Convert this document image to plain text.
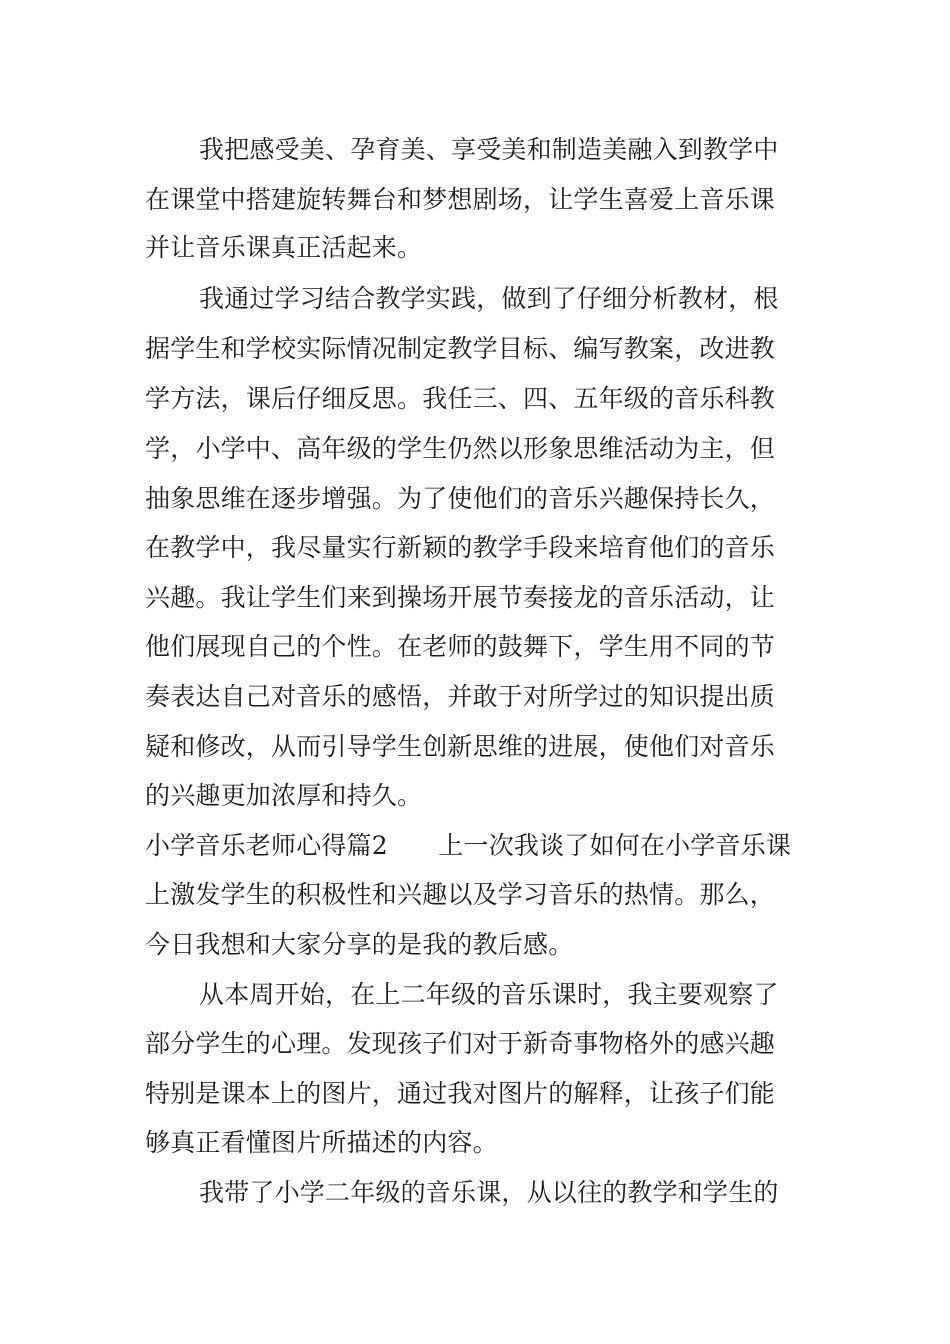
我把感受美、孕育美、享受美和制造美融入到教学中
在课堂中搭建旋转舞台和梦想剧场，让学生喜爱上音乐课
并让音乐课真正活起来。
我通过学习结合教学实践，做到了仔细分析教材，根
据学生和学校实际情况制定教学目标、编写教案，改进教
学方法，课后仔细反思。我任三、四、五年级的音乐科教
学，小学中、高年级的学生仍然以形象思维活动为主，但
抽象思维在逐步增强。为了使他们的音乐兴趣保持长久，
在教学中，我尽量实行新颖的教学手段来培育他们的音乐
兴趣。我让学生们来到操场开展节奏接龙的音乐活动，让
他们展现自己的个性。在老师的鼓舞下，学生用不同的节
奏表达自己对音乐的感悟，并敢于对所学过的知识提出质
疑和修改，从而引导学生创新思维的进展，使他们对音乐
的兴趣更加浓厚和持久。
小学音乐老师心得篇2　　上一次我谈了如何在小学音乐课
上激发学生的积极性和兴趣以及学习音乐的热情。那么，
今日我想和大家分享的是我的教后感。
从本周开始，在上二年级的音乐课时，我主要观察了
部分学生的心理。发现孩子们对于新奇事物格外的感兴趣
特别是课本上的图片，通过我对图片的解释，让孩子们能
够真正看懂图片所描述的内容。
我带了小学二年级的音乐课，从以往的教学和学生的
